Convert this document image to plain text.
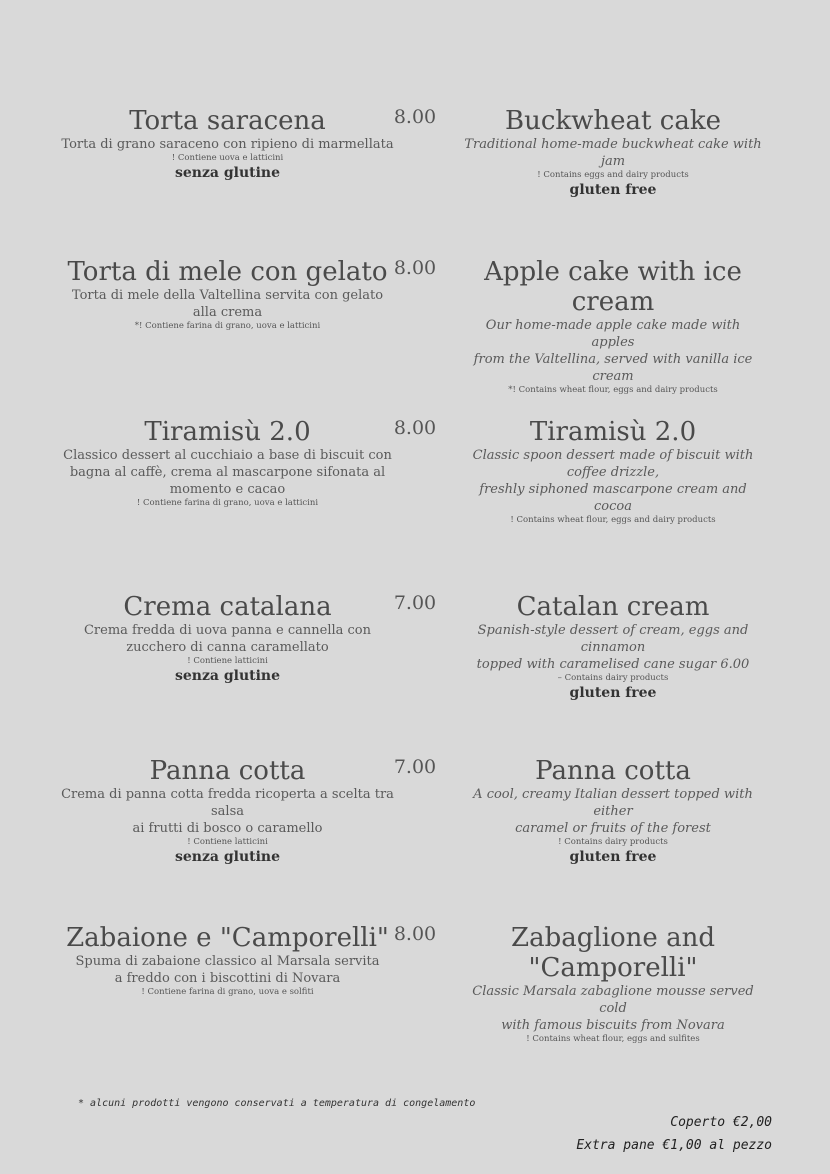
Torta saracena
Torta di grano saraceno con ripieno di marmellata
! Contiene uova e latticini
senza glutine
8.00	Buckwheat cake
Traditional home-made buckwheat cake with jam
! Contains eggs and dairy products
gluten free
Torta di mele con gelato
Torta di mele della Valtellina servita con gelato
alla crema
*! Contiene farina di grano, uova e latticini
8.00	Apple cake with ice cream
Our home-made apple cake made with apples
from the Valtellina, served with vanilla ice cream
*! Contains wheat flour, eggs and dairy products
Tiramisù 2.0
Classico dessert al cucchiaio a base di biscuit con
bagna al caffè, crema al mascarpone sifonata al
momento e cacao
! Contiene farina di grano, uova e latticini
8.00	Tiramisù 2.0
Classic spoon dessert made of biscuit with coffee drizzle,
freshly siphoned mascarpone cream and cocoa
! Contains wheat flour, eggs and dairy products
Crema catalana
Crema fredda di uova panna e cannella con
zucchero di canna caramellato
! Contiene latticini
senza glutine
7.00	Catalan cream
Spanish-style dessert of cream, eggs and cinnamon
topped with caramelised cane sugar 6.00
– Contains dairy products
gluten free
Panna cotta
Crema di panna cotta fredda ricoperta a scelta tra salsa
ai frutti di bosco o caramello
! Contiene latticini
senza glutine
7.00	Panna cotta
A cool, creamy Italian dessert topped with either
caramel or fruits of the forest
! Contains dairy products
gluten free
Zabaione e "Camporelli"
Spuma di zabaione classico al Marsala servita
a freddo con i biscottini di Novara
! Contiene farina di grano, uova e solfiti
8.00	Zabaglione and "Camporelli"
Classic Marsala zabaglione mousse served cold
with famous biscuits from Novara
! Contains wheat flour, eggs and sulfites
* alcuni prodotti vengono conservati a temperatura di congelamento
Coperto €2,00
Extra pane €1,00 al pezzo
